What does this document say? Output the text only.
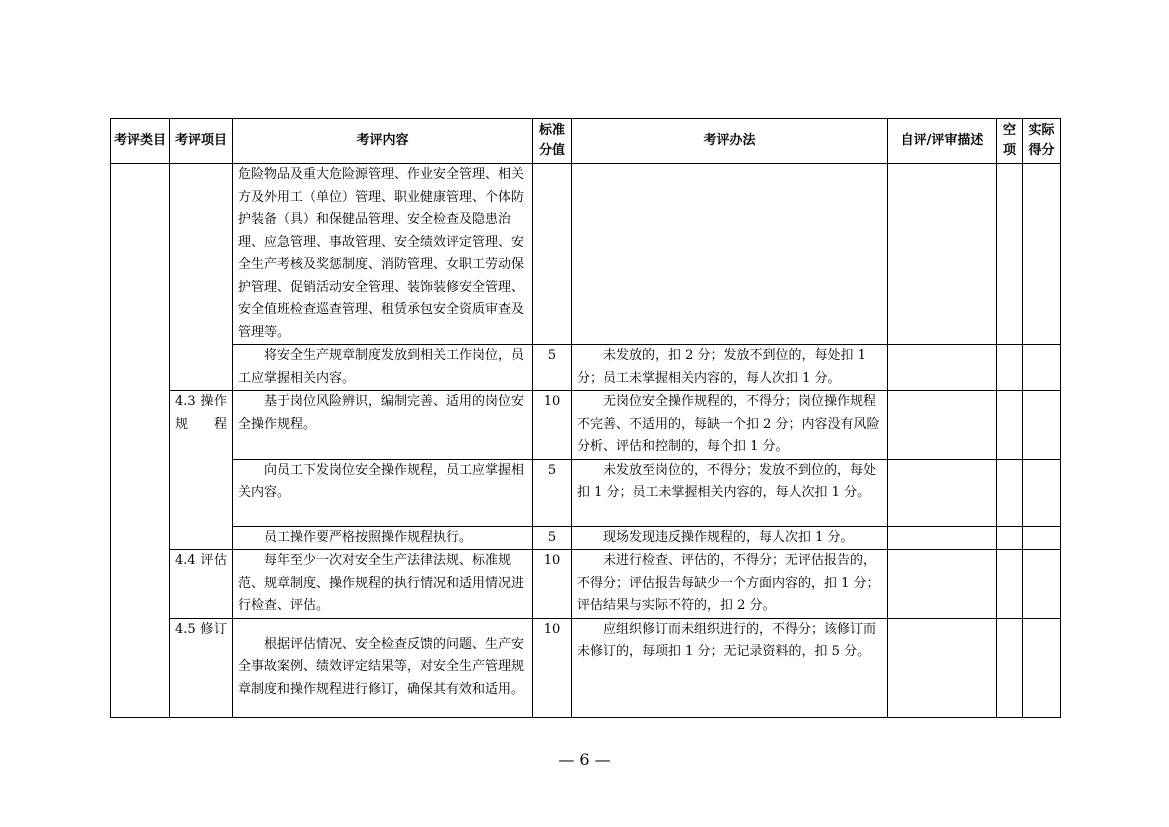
考评类目	考评项目	考评内容	标准分值	考评办法	自评/评审描述	空项	实际得分
		危险物品及重大危险源管理、作业安全管理、相关方及外用工（单位）管理、职业健康管理、个体防护装备（具）和保健品管理、安全检查及隐患治理、应急管理、事故管理、安全绩效评定管理、安全生产考核及奖惩制度、消防管理、女职工劳动保护管理、促销活动安全管理、装饰装修安全管理、安全值班检查巡查管理、租赁承包安全资质审查及管理等。					

		将安全生产规章制度发放到相关工作岗位，员工应掌握相关内容。	5	未发放的，扣 2 分；发放不到位的，每处扣 1 分；员工未掌握相关内容的，每人次扣 1 分。			

	4.3 操作规程	基于岗位风险辨识，编制完善、适用的岗位安全操作规程。	10	无岗位安全操作规程的，不得分；岗位操作规程不完善、不适用的，每缺一个扣 2 分；内容没有风险分析、评估和控制的，每个扣 1 分。			

		向员工下发岗位安全操作规程，员工应掌握相关内容。	5	未发放至岗位的，不得分；发放不到位的，每处扣 1 分；员工未掌握相关内容的，每人次扣 1 分。			

		员工操作要严格按照操作规程执行。	5	现场发现违反操作规程的，每人次扣 1 分。			

	4.4 评估	每年至少一次对安全生产法律法规、标准规范、规章制度、操作规程的执行情况和适用情况进行检查、评估。	10	未进行检查、评估的，不得分；无评估报告的，不得分；评估报告每缺少一个方面内容的，扣 1 分；评估结果与实际不符的，扣 2 分。			

	4.5 修订	根据评估情况、安全检查反馈的问题、生产安全事故案例、绩效评定结果等，对安全生产管理规章制度和操作规程进行修订，确保其有效和适用。	10	应组织修订而未组织进行的，不得分；该修订而未修订的，每项扣 1 分；无记录资料的，扣 5 分。			

— 6 —
